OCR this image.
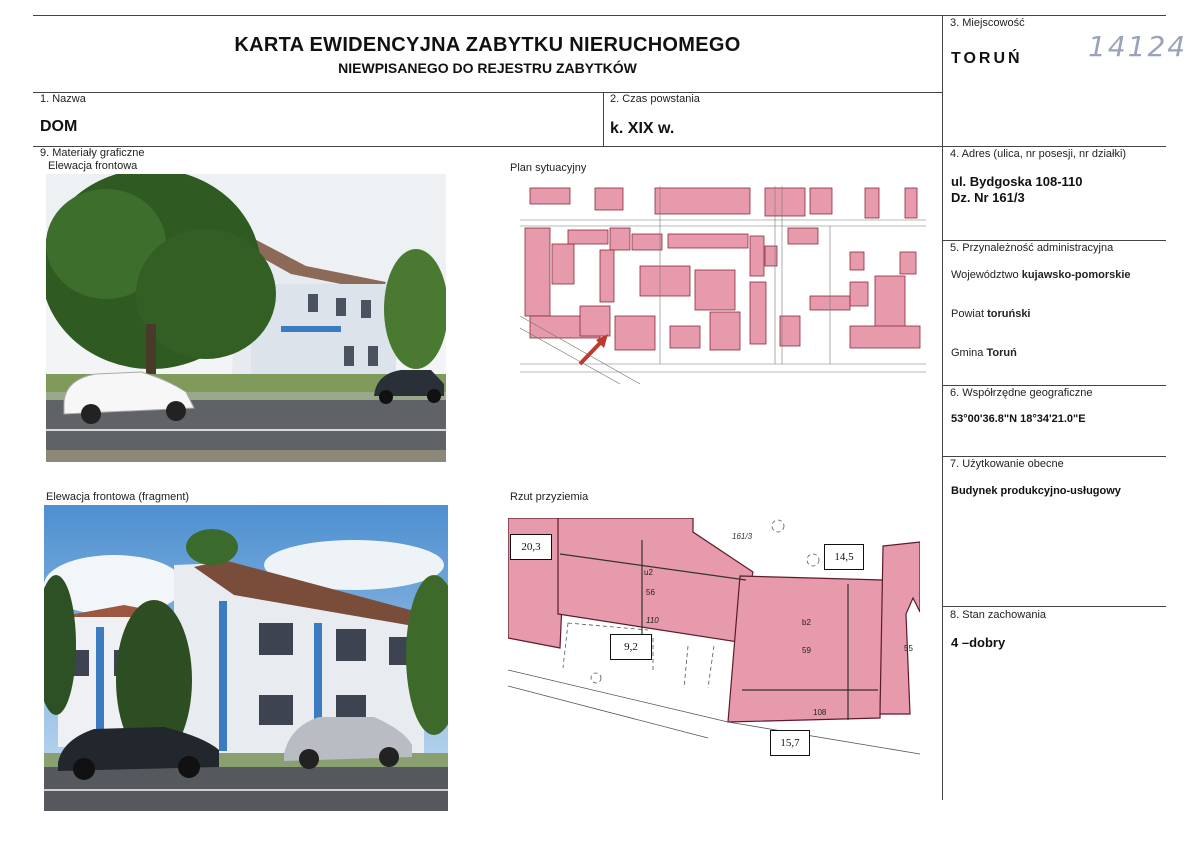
KARTA EWIDENCYJNA ZABYTKU NIERUCHOMEGO
NIEWPISANEGO DO REJESTRU ZABYTKÓW
1. Nazwa
DOM
2. Czas powstania
k. XIX w.
3. Miejscowość
TORUŃ 14124
4. Adres (ulica, nr posesji, nr działki)
ul. Bydgoska 108-110
Dz. Nr 161/3
5. Przynależność administracyjna
Województwo kujawsko-pomorskie
Powiat toruński
Gmina Toruń
6. Współrzędne geograficzne
53°00'36.8"N 18°34'21.0"E
7. Użytkowanie obecne
Budynek produkcyjno-usługowy
8. Stan zachowania
4 –dobry
9. Materiały graficzne
Elewacja frontowa	Plan sytuacyjny
Elewacja frontowa (fragment)	Rzut przyziemia
20,3
14,5
9,2
15,7
161/3
u2
56
110	b2
59
108
55
